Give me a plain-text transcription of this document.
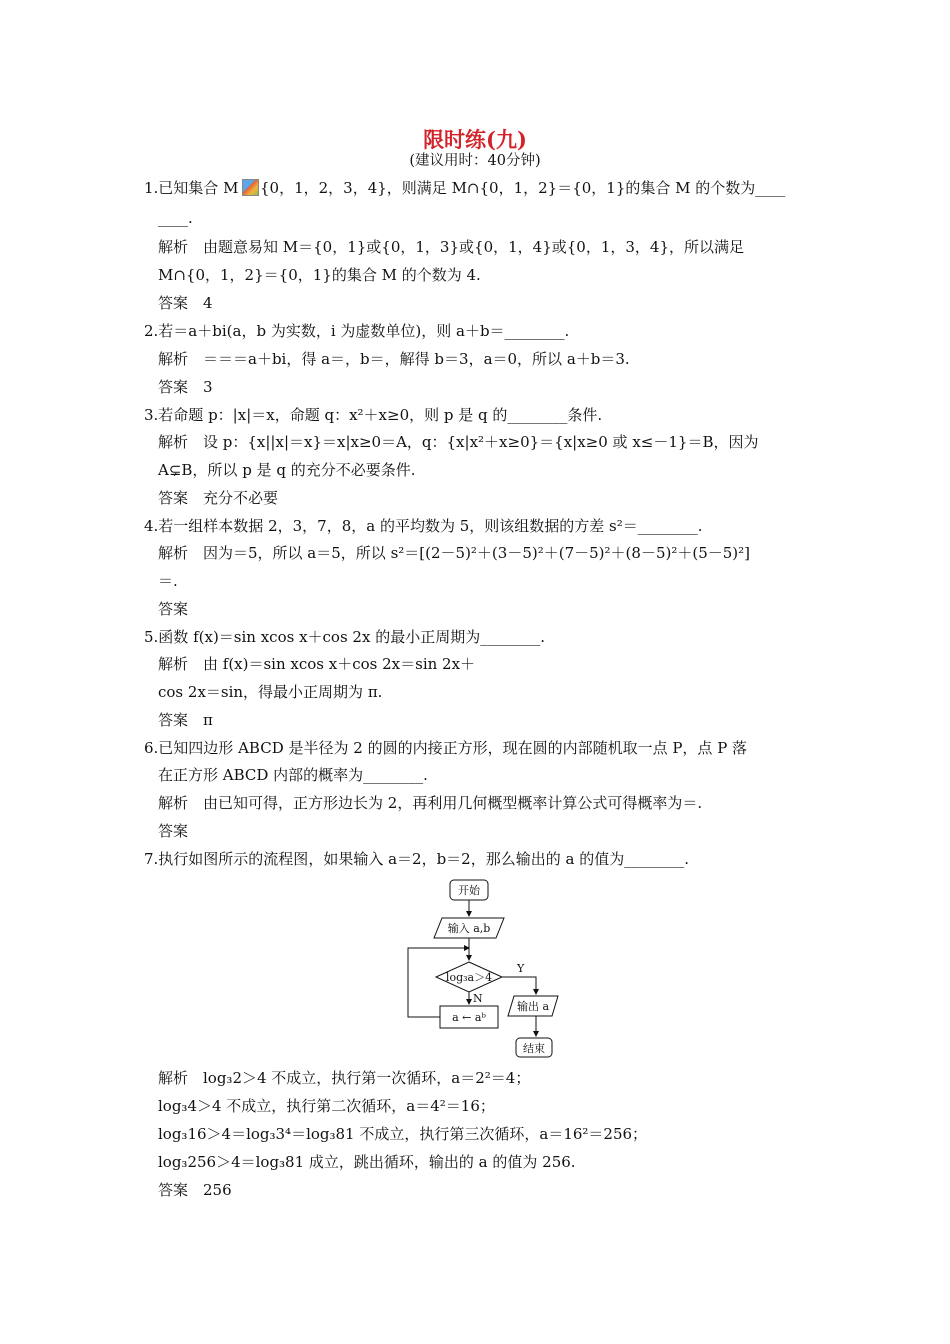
限时练(九)
(建议用时：40分钟)
1.已知集合 M {0，1，2，3，4}，则满足 M∩{0，1，2}＝{0，1}的集合 M 的个数为____
____.
解析　由题意易知 M＝{0，1}或{0，1，3}或{0，1，4}或{0，1，3，4}，所以满足
M∩{0，1，2}＝{0，1}的集合 M 的个数为 4.
答案　4
2.若＝a＋bi(a，b 为实数，i 为虚数单位)，则 a＋b＝________.
解析　＝＝＝a＋bi，得 a＝，b＝，解得 b＝3，a＝0，所以 a＋b＝3.
答案　3
3.若命题 p：|x|＝x，命题 q：x²＋x≥0，则 p 是 q 的________条件.
解析　设 p：{x||x|＝x}＝x|x≥0＝A，q：{x|x²＋x≥0}＝{x|x≥0 或 x≤－1}＝B，因为
A⊊B，所以 p 是 q 的充分不必要条件.
答案　充分不必要
4.若一组样本数据 2，3，7，8，a 的平均数为 5，则该组数据的方差 s²＝________.
解析　因为＝5，所以 a＝5，所以 s²＝[(2－5)²＋(3－5)²＋(7－5)²＋(8－5)²＋(5－5)²]
＝.
答案
5.函数 f(x)＝sin xcos x＋cos 2x 的最小正周期为________.
解析　由 f(x)＝sin xcos x＋cos 2x＝sin 2x＋
cos 2x＝sin，得最小正周期为 π.
答案　π
6.已知四边形 ABCD 是半径为 2 的圆的内接正方形，现在圆的内部随机取一点 P，点 P 落
在正方形 ABCD 内部的概率为________.
解析　由已知可得，正方形边长为 2，再利用几何概型概率计算公式可得概率为＝.
答案
7.执行如图所示的流程图，如果输入 a＝2，b＝2，那么输出的 a 的值为________.
解析　log₃2＞4 不成立，执行第一次循环，a＝2²＝4；
log₃4＞4 不成立，执行第二次循环，a＝4²＝16；
log₃16＞4＝log₃3⁴＝log₃81 不成立，执行第三次循环，a＝16²＝256；
log₃256＞4＝log₃81 成立，跳出循环，输出的 a 的值为 256.
答案　256
开始
输入 a,b
log₃a＞4
Y
输出 a
结束
N
a ← aᵇ
